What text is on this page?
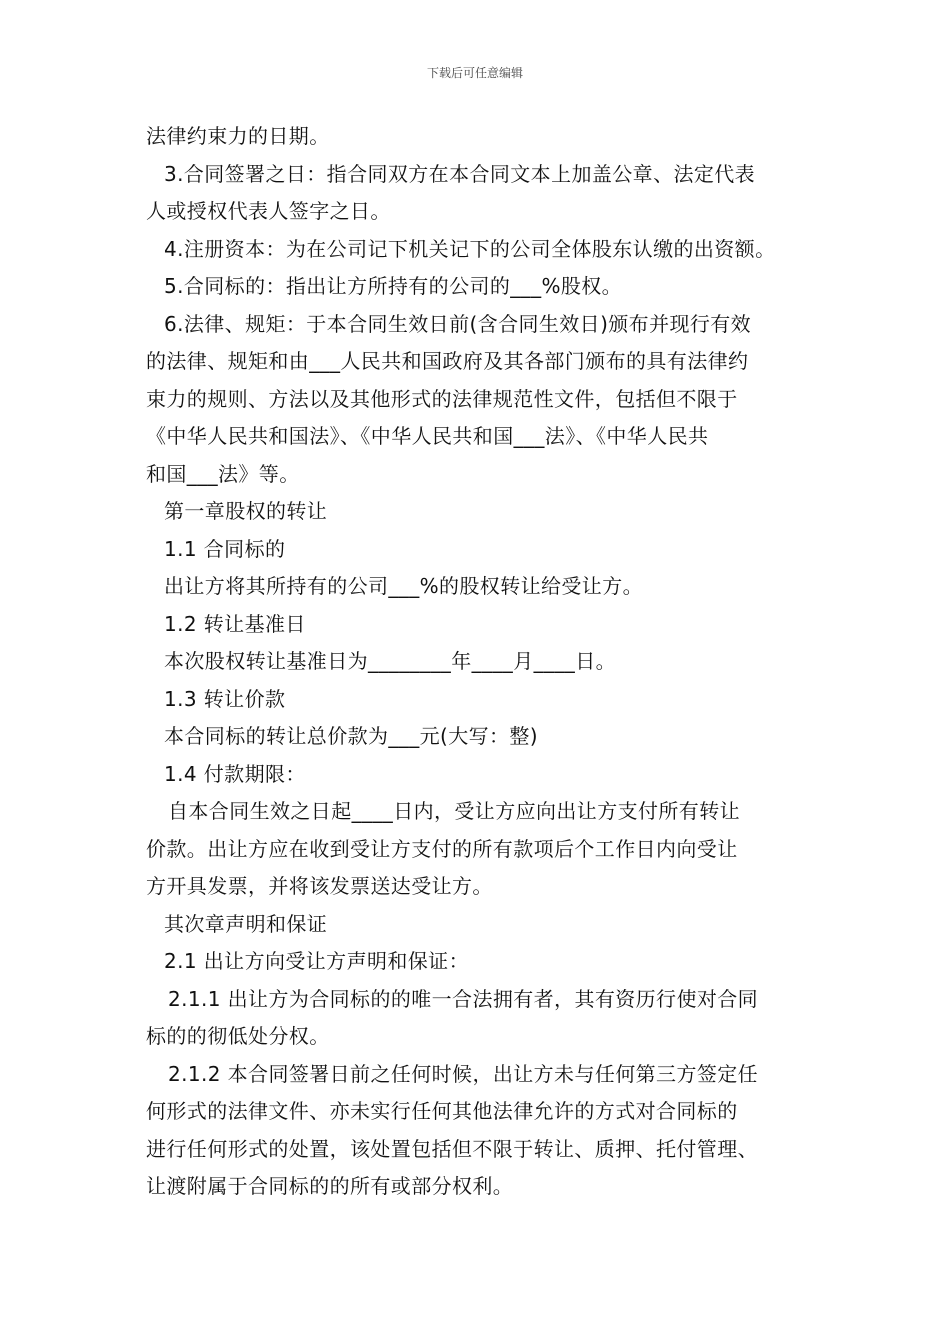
下载后可任意编辑
法律约束力的日期。
3.合同签署之日：指合同双方在本合同文本上加盖公章、法定代表
人或授权代表人签字之日。
4.注册资本：为在公司记下机关记下的公司全体股东认缴的出资额。
5.合同标的：指出让方所持有的公司的___%股权。
6.法律、规矩：于本合同生效日前(含合同生效日)颁布并现行有效
的法律、规矩和由___人民共和国政府及其各部门颁布的具有法律约
束力的规则、方法以及其他形式的法律规范性文件，包括但不限于
《中华人民共和国法》、《中华人民共和国___法》、《中华人民共
和国___法》等。
第一章股权的转让
1.1 合同标的
出让方将其所持有的公司___%的股权转让给受让方。
1.2 转让基准日
本次股权转让基准日为________年____月____日。
1.3 转让价款
本合同标的转让总价款为___元(大写：整)
1.4 付款期限：
自本合同生效之日起____日内，受让方应向出让方支付所有转让
价款。出让方应在收到受让方支付的所有款项后个工作日内向受让
方开具发票，并将该发票送达受让方。
其次章声明和保证
2.1 出让方向受让方声明和保证：
2.1.1 出让方为合同标的的唯一合法拥有者，其有资历行使对合同
标的的彻低处分权。
2.1.2 本合同签署日前之任何时候，出让方未与任何第三方签定任
何形式的法律文件、亦未实行任何其他法律允许的方式对合同标的
进行任何形式的处置，该处置包括但不限于转让、质押、托付管理、
让渡附属于合同标的的所有或部分权利。
